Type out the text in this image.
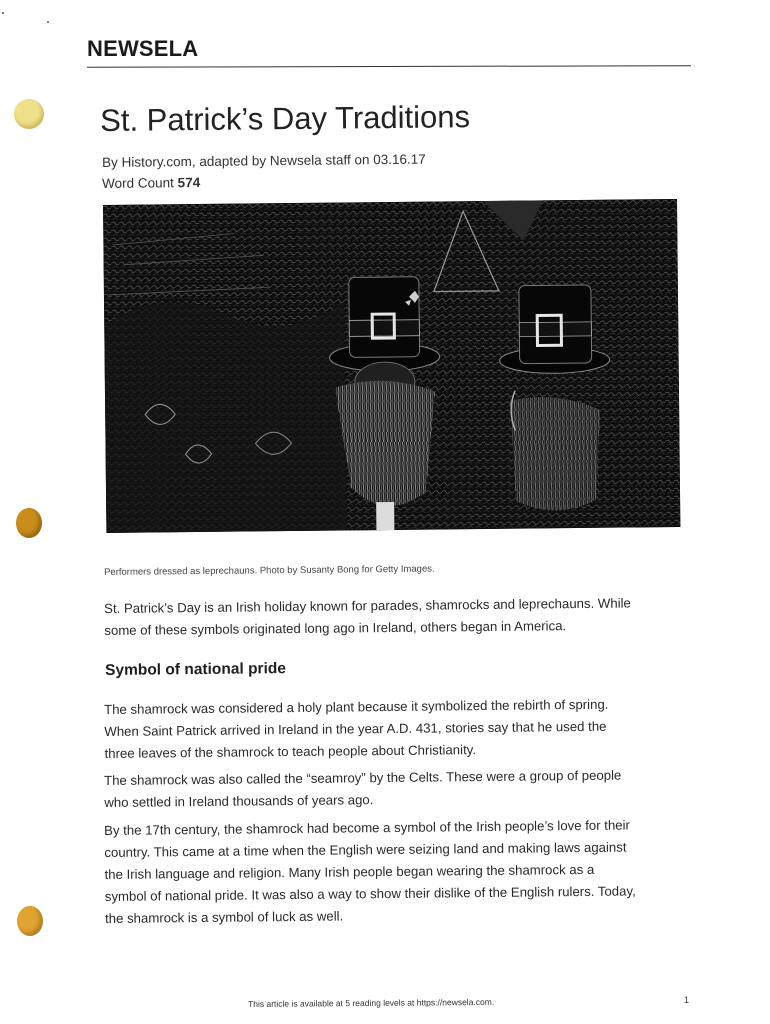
NEWSELA
St. Patrick’s Day Traditions
By History.com, adapted by Newsela staff on 03.16.17
Word Count 574
Performers dressed as leprechauns. Photo by Susanty Bong for Getty Images.
St. Patrick’s Day is an Irish holiday known for parades, shamrocks and leprechauns. While
some of these symbols originated long ago in Ireland, others began in America.
Symbol of national pride
The shamrock was considered a holy plant because it symbolized the rebirth of spring.
When Saint Patrick arrived in Ireland in the year A.D. 431, stories say that he used the
three leaves of the shamrock to teach people about Christianity.
The shamrock was also called the “seamroy” by the Celts. These were a group of people
who settled in Ireland thousands of years ago.
By the 17th century, the shamrock had become a symbol of the Irish people’s love for their
country. This came at a time when the English were seizing land and making laws against
the Irish language and religion. Many Irish people began wearing the shamrock as a
symbol of national pride. It was also a way to show their dislike of the English rulers. Today,
the shamrock is a symbol of luck as well.
This article is available at 5 reading levels at https://newsela.com.	1
